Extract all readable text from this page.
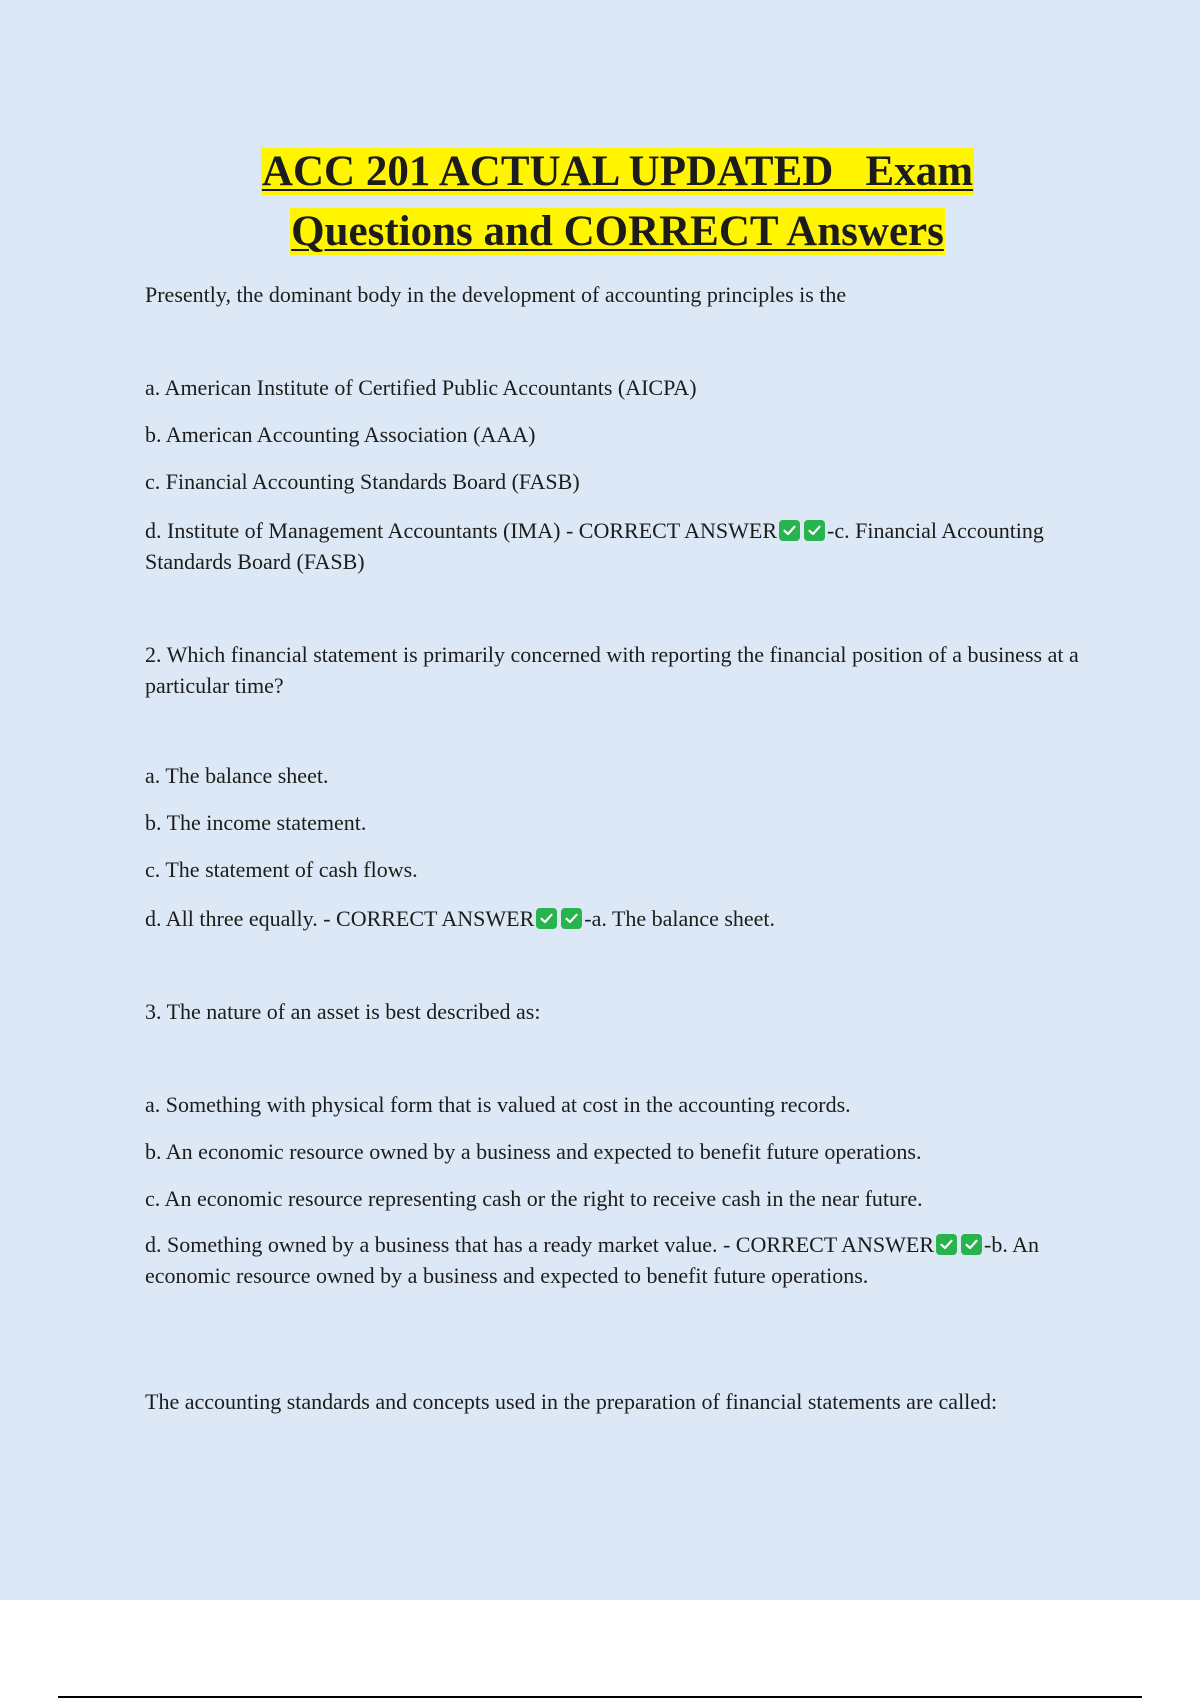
ACC 201 ACTUAL UPDATED   Exam
Questions and CORRECT Answers

Presently, the dominant body in the development of accounting principles is the

a. American Institute of Certified Public Accountants (AICPA)

b. American Accounting Association (AAA)

c. Financial Accounting Standards Board (FASB)

d. Institute of Management Accountants (IMA) - CORRECT ANSWER -c. Financial Accounting Standards Board (FASB)

2. Which financial statement is primarily concerned with reporting the financial position of a business at a particular time?

a. The balance sheet.

b. The income statement.

c. The statement of cash flows.

d. All three equally. - CORRECT ANSWER -a. The balance sheet.

3. The nature of an asset is best described as:

a. Something with physical form that is valued at cost in the accounting records.

b. An economic resource owned by a business and expected to benefit future operations.

c. An economic resource representing cash or the right to receive cash in the near future.

d. Something owned by a business that has a ready market value. - CORRECT ANSWER -b. An economic resource owned by a business and expected to benefit future operations.

The accounting standards and concepts used in the preparation of financial statements are called:
